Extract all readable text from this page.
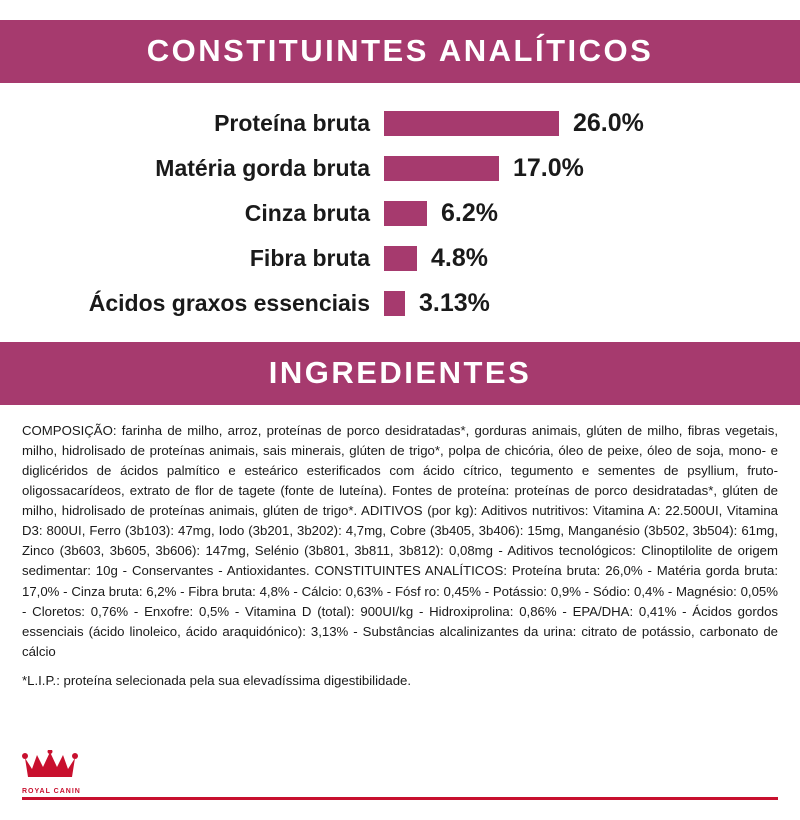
CONSTITUINTES ANALÍTICOS
Proteína bruta	26.0%
Matéria gorda bruta	17.0%
Cinza bruta	6.2%
Fibra bruta	4.8%
Ácidos graxos essenciais	3.13%
INGREDIENTES

COMPOSIÇÃO: farinha de milho, arroz, proteínas de porco desidratadas*, gorduras animais, glúten de milho, fibras vegetais, milho, hidrolisado de proteínas animais, sais minerais, glúten de trigo*, polpa de chicória, óleo de peixe, óleo de soja, mono- e diglicéridos de ácidos palmítico e esteárico esterificados com ácido cítrico, tegumento e sementes de psyllium, fruto-oligossacarídeos, extrato de flor de tagete (fonte de luteína). Fontes de proteína: proteínas de porco desidratadas*, glúten de milho, hidrolisado de proteínas animais, glúten de trigo*. ADITIVOS (por kg): Aditivos nutritivos: Vitamina A: 22.500UI, Vitamina D3: 800UI, Ferro (3b103): 47mg, Iodo (3b201, 3b202): 4,7mg, Cobre (3b405, 3b406): 15mg, Manganésio (3b502, 3b504): 61mg, Zinco (3b603, 3b605, 3b606): 147mg, Selénio (3b801, 3b811, 3b812): 0,08mg - Aditivos tecnológicos: Clinoptilolite de origem sedimentar: 10g - Conservantes - Antioxidantes. CONSTITUINTES ANALÍTICOS: Proteína bruta: 26,0% - Matéria gorda bruta: 17,0% - Cinza bruta: 6,2% - Fibra bruta: 4,8% - Cálcio: 0,63% - Fósf ro: 0,45% - Potássio: 0,9% - Sódio: 0,4% - Magnésio: 0,05% - Cloretos: 0,76% - Enxofre: 0,5% - Vitamina D (total): 900UI/kg - Hidroxiprolina: 0,86% - EPA/DHA: 0,41% - Ácidos gordos essenciais (ácido linoleico, ácido araquidónico): 3,13% - Substâncias alcalinizantes da urina: citrato de potássio, carbonato de cálcio

*L.I.P.: proteína selecionada pela sua elevadíssima digestibilidade.

ROYAL CANIN
